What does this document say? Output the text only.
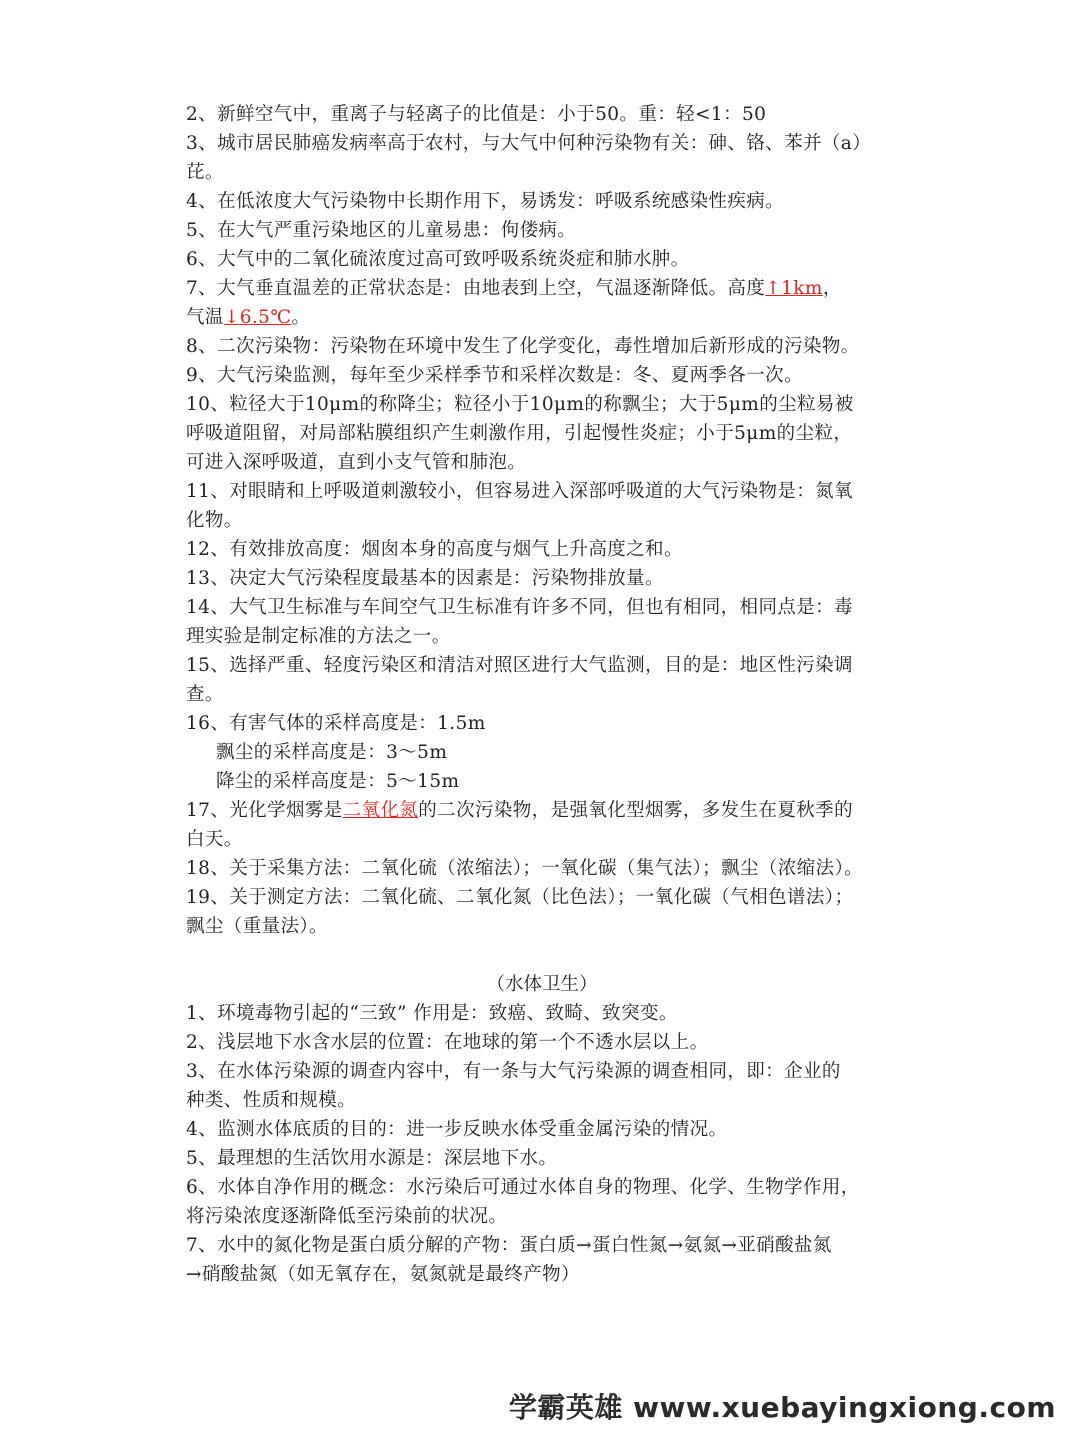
2、新鲜空气中，重离子与轻离子的比值是：小于50。重：轻<1：50
3、城市居民肺癌发病率高于农村，与大气中何种污染物有关：砷、铬、苯并（a）
芘。
4、在低浓度大气污染物中长期作用下，易诱发：呼吸系统感染性疾病。
5、在大气严重污染地区的儿童易患：佝偻病。
6、大气中的二氧化硫浓度过高可致呼吸系统炎症和肺水肿。
7、大气垂直温差的正常状态是：由地表到上空，气温逐渐降低。高度↑1km，
气温↓6.5℃。
8、二次污染物：污染物在环境中发生了化学变化，毒性增加后新形成的污染物。
9、大气污染监测，每年至少采样季节和采样次数是：冬、夏两季各一次。
10、粒径大于10μm的称降尘；粒径小于10μm的称飘尘；大于5μm的尘粒易被
呼吸道阻留，对局部粘膜组织产生刺激作用，引起慢性炎症；小于5μm的尘粒，
可进入深呼吸道，直到小支气管和肺泡。
11、对眼睛和上呼吸道刺激较小，但容易进入深部呼吸道的大气污染物是：氮氧
化物。
12、有效排放高度：烟囱本身的高度与烟气上升高度之和。
13、决定大气污染程度最基本的因素是：污染物排放量。
14、大气卫生标准与车间空气卫生标准有许多不同，但也有相同，相同点是：毒
理实验是制定标准的方法之一。
15、选择严重、轻度污染区和清洁对照区进行大气监测，目的是：地区性污染调
查。
16、有害气体的采样高度是：1.5m
飘尘的采样高度是：3～5m
降尘的采样高度是：5～15m
17、光化学烟雾是二氧化氮的二次污染物，是强氧化型烟雾，多发生在夏秋季的
白天。
18、关于采集方法：二氧化硫（浓缩法）；一氧化碳（集气法）；飘尘（浓缩法）。
19、关于测定方法：二氧化硫、二氧化氮（比色法）；一氧化碳（气相色谱法）；
飘尘（重量法）。
（水体卫生）
1、环境毒物引起的“三致” 作用是：致癌、致畸、致突变。
2、浅层地下水含水层的位置：在地球的第一个不透水层以上。
3、在水体污染源的调查内容中，有一条与大气污染源的调查相同，即：企业的
种类、性质和规模。
4、监测水体底质的目的：进一步反映水体受重金属污染的情况。
5、最理想的生活饮用水源是：深层地下水。
6、水体自净作用的概念：水污染后可通过水体自身的物理、化学、生物学作用，
将污染浓度逐渐降低至污染前的状况。
7、水中的氮化物是蛋白质分解的产物：蛋白质→蛋白性氮→氨氮→亚硝酸盐氮
→硝酸盐氮（如无氧存在，氨氮就是最终产物）
学霸英雄 www.xuebayingxiong.com
